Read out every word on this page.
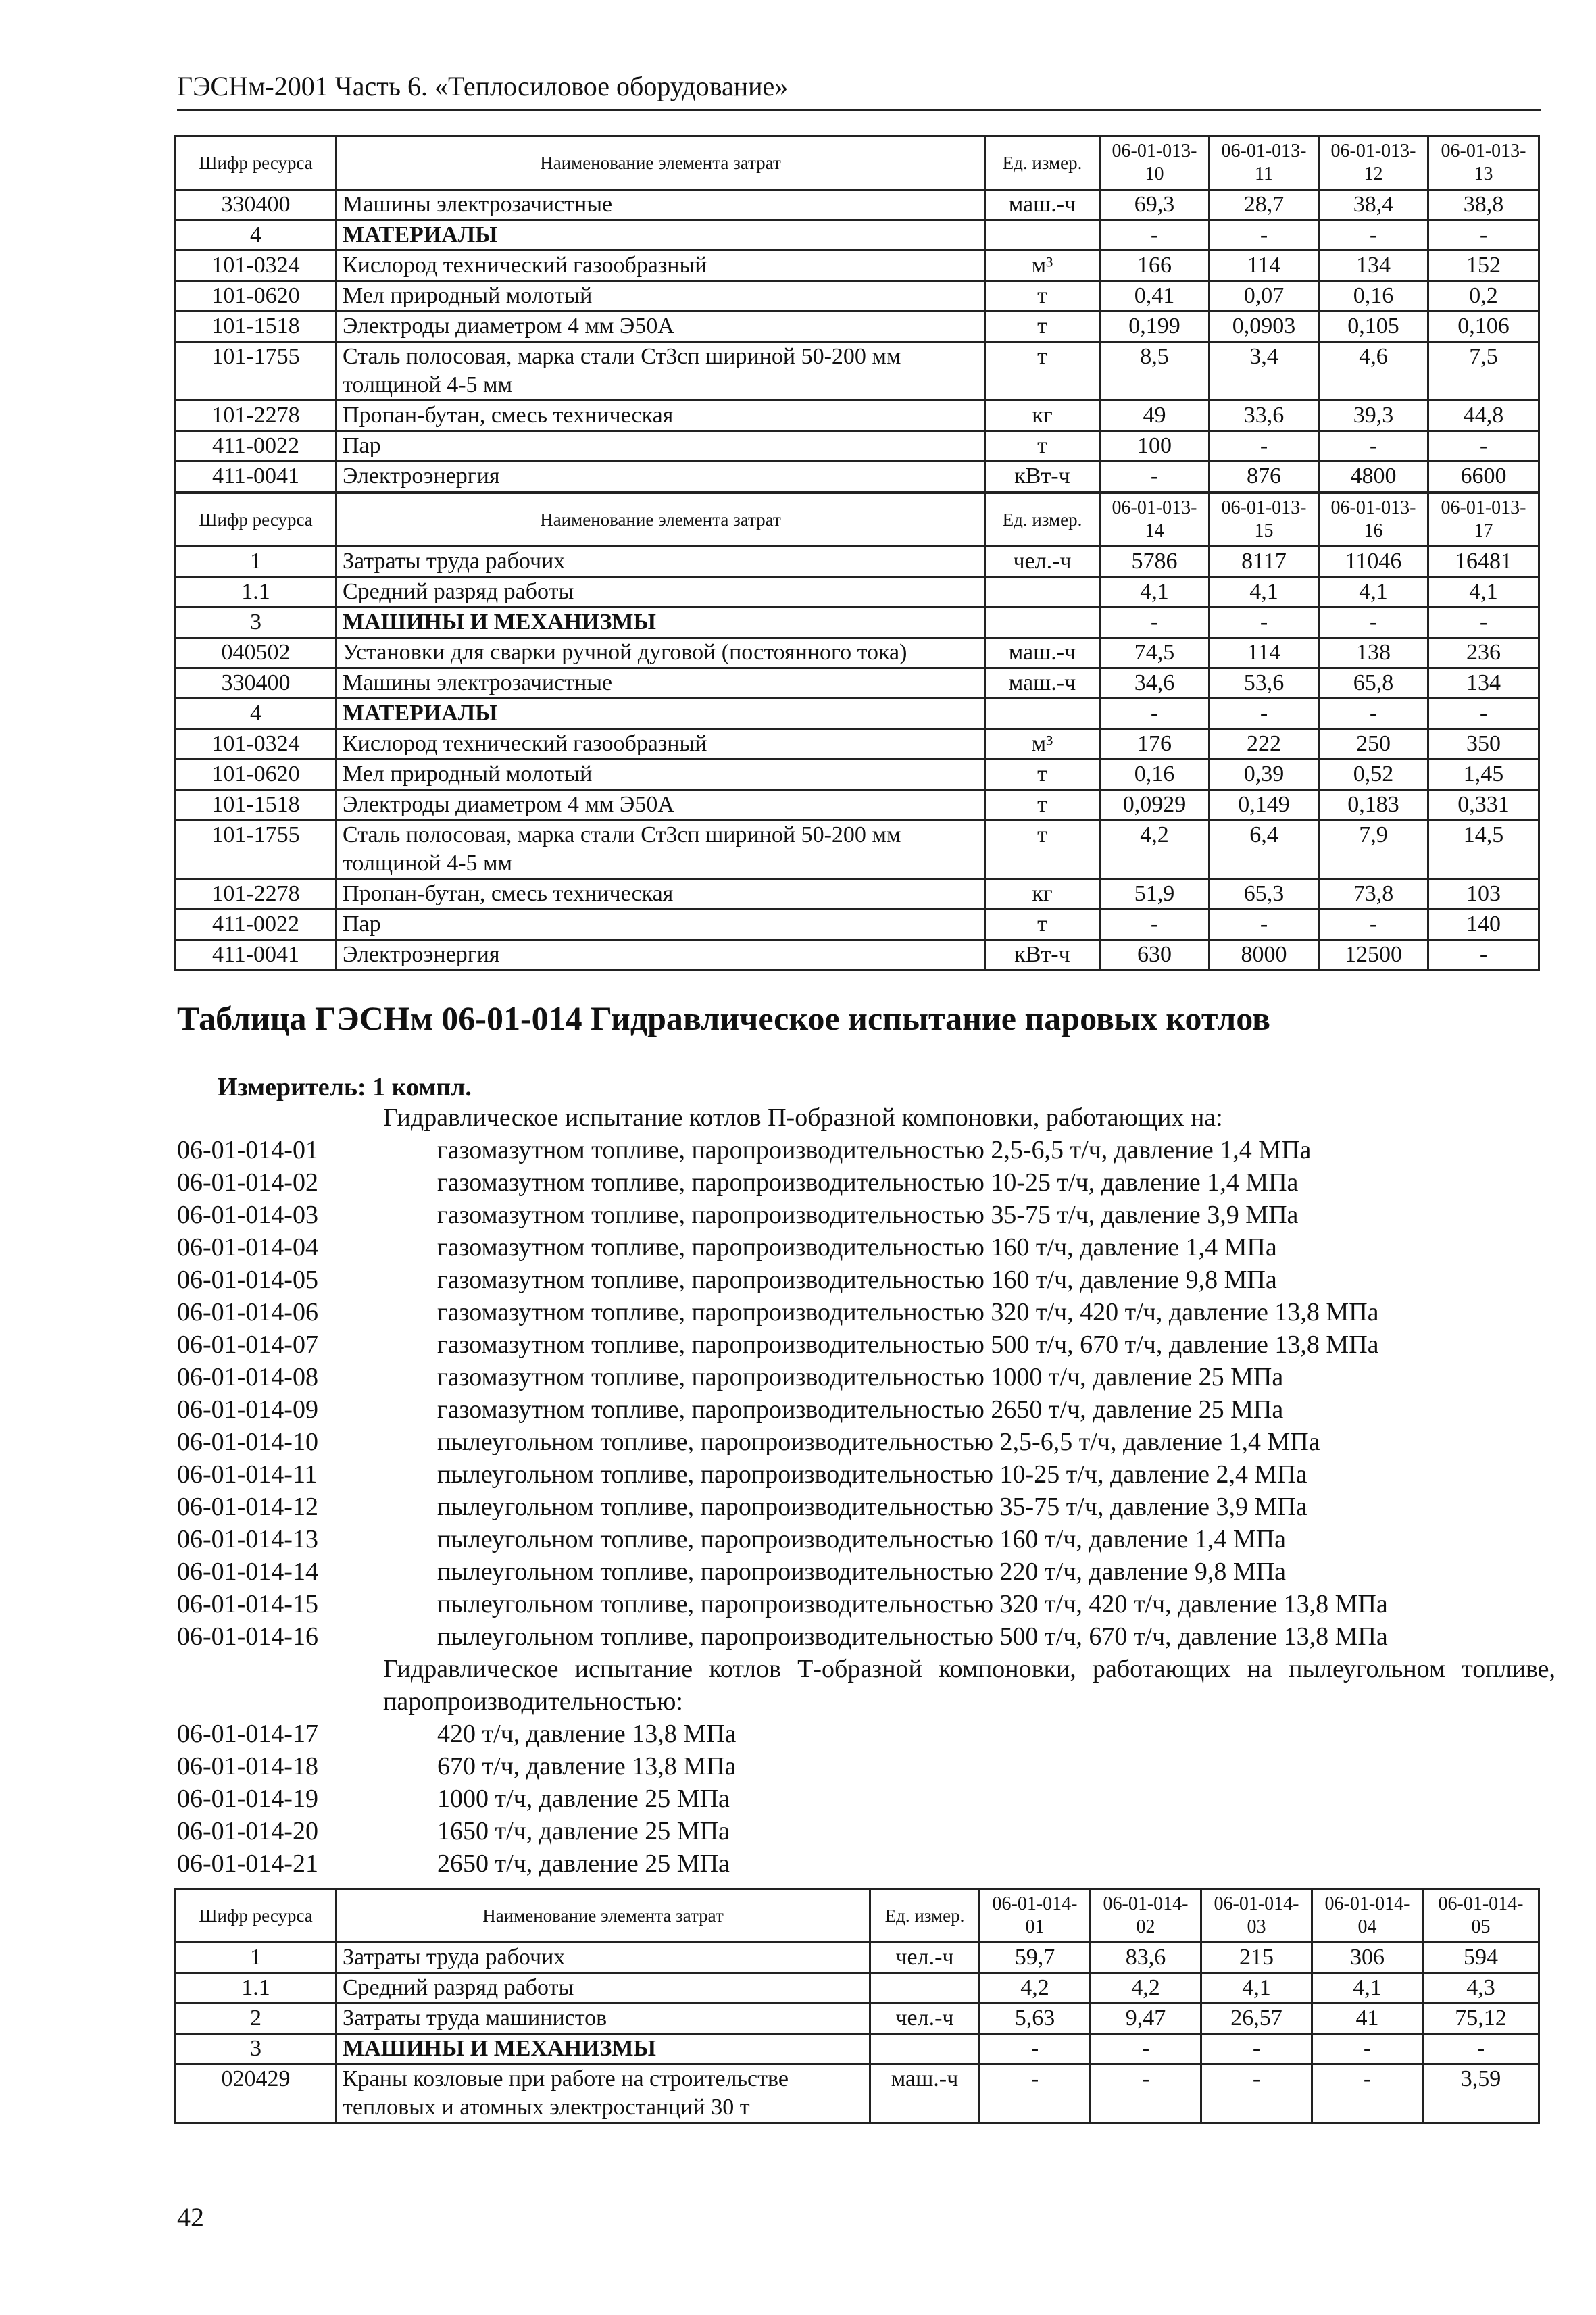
ГЭСНм-2001 Часть 6. «Теплосиловое оборудование»
Шифр ресурса	Наименование элемента затрат	Ед. измер.	06-01-013-10	06-01-013-11	06-01-013-12	06-01-013-13
330400	Машины электрозачистные	маш.-ч	69,3	28,7	38,4	38,8
4	МАТЕРИАЛЫ		-	-	-	-
101-0324	Кислород технический газообразный	м³	166	114	134	152
101-0620	Мел природный молотый	т	0,41	0,07	0,16	0,2
101-1518	Электроды диаметром 4 мм Э50А	т	0,199	0,0903	0,105	0,106
101-1755	Сталь полосовая, марка стали Ст3сп шириной 50-200 мм толщиной 4-5 мм	т	8,5	3,4	4,6	7,5
101-2278	Пропан-бутан, смесь техническая	кг	49	33,6	39,3	44,8
411-0022	Пар	т	100	-	-	-
411-0041	Электроэнергия	кВт-ч	-	876	4800	6600
Шифр ресурса	Наименование элемента затрат	Ед. измер.	06-01-013-14	06-01-013-15	06-01-013-16	06-01-013-17
1	Затраты труда рабочих	чел.-ч	5786	8117	11046	16481
1.1	Средний разряд работы		4,1	4,1	4,1	4,1
3	МАШИНЫ И МЕХАНИЗМЫ		-	-	-	-
040502	Установки для сварки ручной дуговой (постоянного тока)	маш.-ч	74,5	114	138	236
330400	Машины электрозачистные	маш.-ч	34,6	53,6	65,8	134
4	МАТЕРИАЛЫ		-	-	-	-
101-0324	Кислород технический газообразный	м³	176	222	250	350
101-0620	Мел природный молотый	т	0,16	0,39	0,52	1,45
101-1518	Электроды диаметром 4 мм Э50А	т	0,0929	0,149	0,183	0,331
101-1755	Сталь полосовая, марка стали Ст3сп шириной 50-200 мм толщиной 4-5 мм	т	4,2	6,4	7,9	14,5
101-2278	Пропан-бутан, смесь техническая	кг	51,9	65,3	73,8	103
411-0022	Пар	т	-	-	-	140
411-0041	Электроэнергия	кВт-ч	630	8000	12500	-
Таблица ГЭСНм 06-01-014 Гидравлическое испытание паровых котлов
Измеритель: 1 компл.
Гидравлическое испытание котлов П-образной компоновки, работающих на:
06-01-014-01	газомазутном топливе, паропроизводительностью 2,5-6,5 т/ч, давление 1,4 МПа
06-01-014-02	газомазутном топливе, паропроизводительностью 10-25 т/ч, давление 1,4 МПа
06-01-014-03	газомазутном топливе, паропроизводительностью 35-75 т/ч, давление 3,9 МПа
06-01-014-04	газомазутном топливе, паропроизводительностью 160 т/ч, давление 1,4 МПа
06-01-014-05	газомазутном топливе, паропроизводительностью 160 т/ч, давление 9,8 МПа
06-01-014-06	газомазутном топливе, паропроизводительностью 320 т/ч, 420 т/ч, давление 13,8 МПа
06-01-014-07	газомазутном топливе, паропроизводительностью 500 т/ч, 670 т/ч, давление 13,8 МПа
06-01-014-08	газомазутном топливе, паропроизводительностью 1000 т/ч, давление 25 МПа
06-01-014-09	газомазутном топливе, паропроизводительностью 2650 т/ч, давление 25 МПа
06-01-014-10	пылеугольном топливе, паропроизводительностью 2,5-6,5 т/ч, давление 1,4 МПа
06-01-014-11	пылеугольном топливе, паропроизводительностью 10-25 т/ч, давление 2,4 МПа
06-01-014-12	пылеугольном топливе, паропроизводительностью 35-75 т/ч, давление 3,9 МПа
06-01-014-13	пылеугольном топливе, паропроизводительностью 160 т/ч, давление 1,4 МПа
06-01-014-14	пылеугольном топливе, паропроизводительностью 220 т/ч, давление 9,8 МПа
06-01-014-15	пылеугольном топливе, паропроизводительностью 320 т/ч, 420 т/ч, давление 13,8 МПа
06-01-014-16	пылеугольном топливе, паропроизводительностью 500 т/ч, 670 т/ч, давление 13,8 МПа
Гидравлическое испытание котлов Т-образной компоновки, работающих на пылеугольном топливе, паропроизводительностью:
06-01-014-17	420 т/ч, давление 13,8 МПа
06-01-014-18	670 т/ч, давление 13,8 МПа
06-01-014-19	1000 т/ч, давление 25 МПа
06-01-014-20	1650 т/ч, давление 25 МПа
06-01-014-21	2650 т/ч, давление 25 МПа
Шифр ресурса	Наименование элемента затрат	Ед. измер.	06-01-014-01	06-01-014-02	06-01-014-03	06-01-014-04	06-01-014-05
1	Затраты труда рабочих	чел.-ч	59,7	83,6	215	306	594
1.1	Средний разряд работы		4,2	4,2	4,1	4,1	4,3
2	Затраты труда машинистов	чел.-ч	5,63	9,47	26,57	41	75,12
3	МАШИНЫ И МЕХАНИЗМЫ		-	-	-	-	-
020429	Краны козловые при работе на строительстве тепловых и атомных электростанций 30 т	маш.-ч	-	-	-	-	3,59
42
